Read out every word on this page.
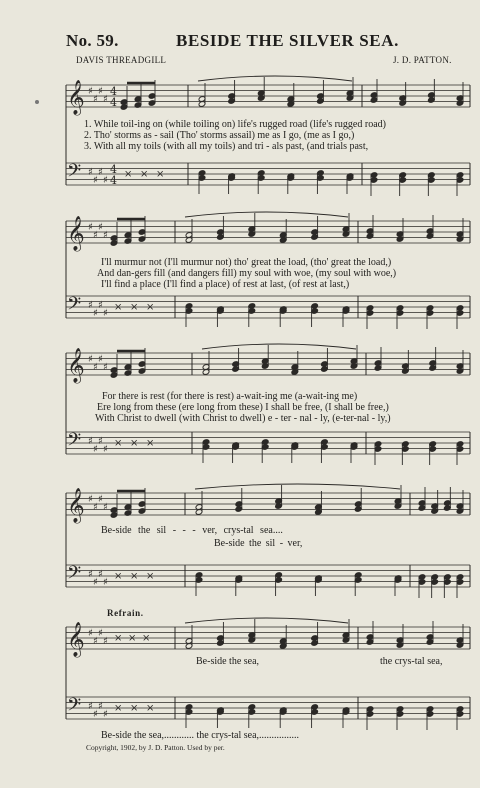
No. 59.	BESIDE THE SILVER SEA.
DAVIS THREADGILL	J. D. PATTON.
𝄞
𝄢
♯
♯
♯
♯
♯
♯
♯
♯
4
4
4
4 × × ×
𝄞
𝄢
♯
♯
♯
♯
♯
♯
♯
♯
× × ×
𝄞
𝄢
♯
♯
♯
♯
♯
♯
♯
♯
× × ×
𝄞
𝄢
♯
♯
♯
♯
♯
♯
♯
♯
× × ×
𝄞
𝄢
♯
♯
♯
♯
♯
♯
♯
♯
× × ×
× × ×
1. While toil-ing on (while toiling on) life's rugged road (life's rugged road)
2. Tho' storms as - sail (Tho' storms assail) me as I go, (me as I go,)
3. With all my toils (with all my toils) and tri - als past, (and trials past,
I'll murmur not (I'll murmur not) tho' great the load, (tho' great the load,)
And dan-gers fill (and dangers fill) my soul with woe, (my soul with woe,)
I'll find a place (I'll find a place) of rest at last, (of rest at last,)
For there is rest (for there is rest) a-wait-ing me (a-wait-ing me)
Ere long from these (ere long from these) I shall be free, (I shall be free,)
With Christ to dwell (with Christ to dwell) e - ter - nal - ly, (e-ter-nal - ly,)
Be-side the sil - - - ver, crys-tal sea....
Be-side the sil - ver,
Refrain.
Be-side the sea,	the crys-tal sea,
Be-side the sea,............ the crys-tal sea,................
Copyright, 1902, by J. D. Patton. Used by per.
